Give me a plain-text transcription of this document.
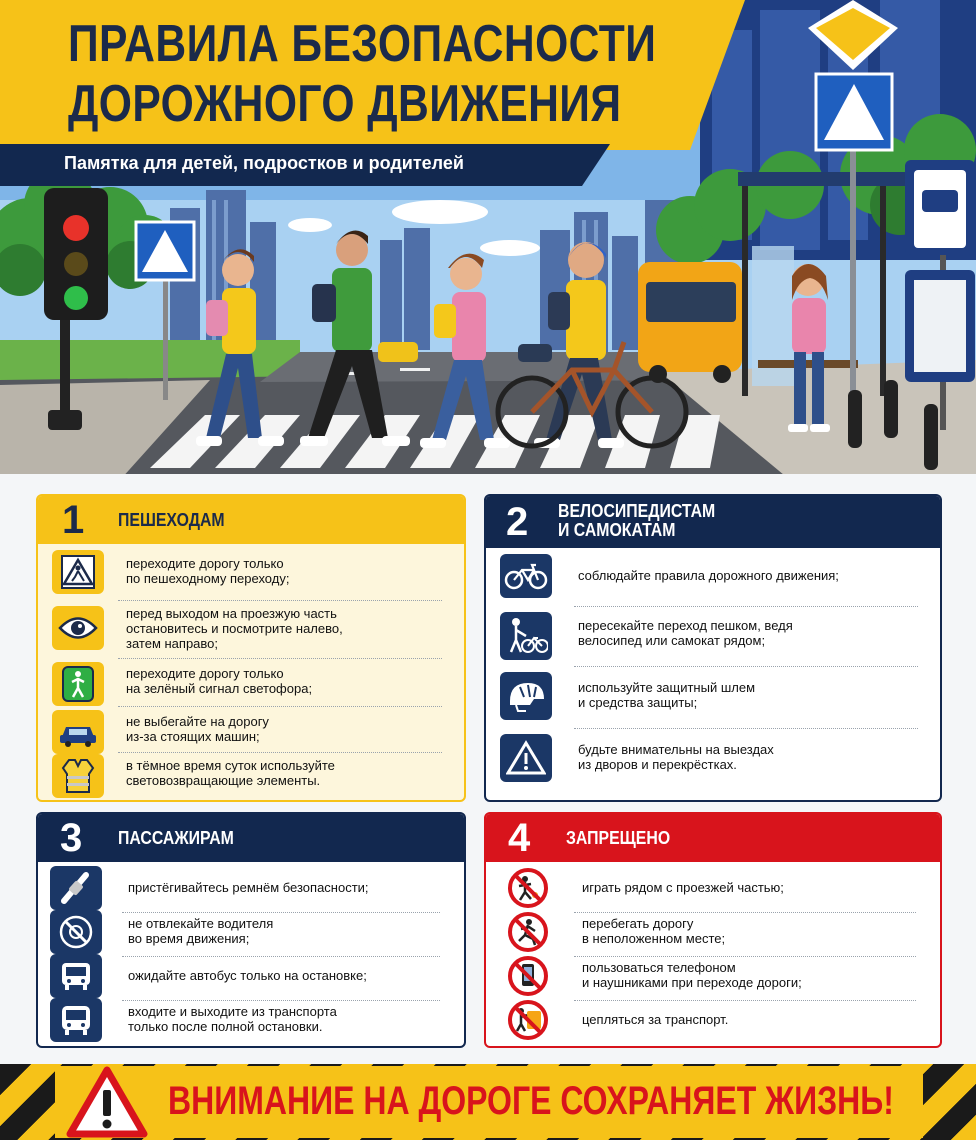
ПРАВИЛА БЕЗОПАСНОСТИ
ДОРОЖНОГО ДВИЖЕНИЯ
Памятка для детей, подростков и родителей
1 ПЕШЕХОДАМ
переходите дорогу только
по пешеходному переходу;
перед выходом на проезжую часть
остановитесь и посмотрите налево,
затем направо;
переходите дорогу только
на зелёный сигнал светофора;
не выбегайте на дорогу
из-за стоящих машин;
в тёмное время суток используйте
световозвращающие элементы.
2 ВЕЛОСИПЕДИСТАМ
И САМОКАТАМ
соблюдайте правила дорожного движения;
пересекайте переход пешком, ведя
велосипед или самокат рядом;
используйте защитный шлем
и средства защиты;
будьте внимательны на выездах
из дворов и перекрёстках.
3 ПАССАЖИРАМ
пристёгивайтесь ремнём безопасности;
не отвлекайте водителя
во время движения;
ожидайте автобус только на остановке;
входите и выходите из транспорта
только после полной остановки.
4 ЗАПРЕЩЕНО
играть рядом с проезжей частью;
перебегать дорогу
в неположенном месте;
пользоваться телефоном
и наушниками при переходе дороги;
цепляться за транспорт.
ВНИМАНИЕ НА ДОРОГЕ СОХРАНЯЕТ ЖИЗНЬ!
